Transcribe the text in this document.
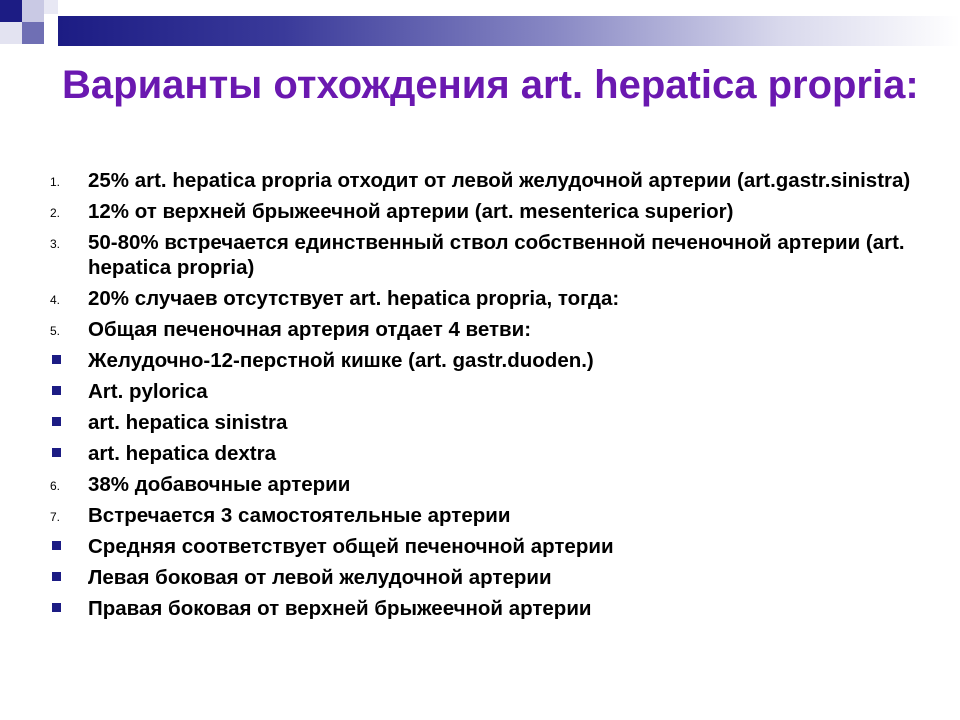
Варианты отхождения art. hepatica propria:
1.	25% art. hepatica propria отходит от левой желудочной артерии (art.gastr.sinistra)
2.	12% от верхней брыжеечной артерии (art. mesenterica superior)
3.	50-80% встречается единственный ствол собственной печеночной артерии (art. hepatica propria)
4.	20% случаев отсутствует art. hepatica propria, тогда:
5.	Общая печеночная артерия отдает 4 ветви:
Желудочно-12-перстной кишке (art. gastr.duoden.)
Art. pylorica
art. hepatica sinistra
art. hepatica dextra
6.	38% добавочные артерии
7.	Встречается 3 самостоятельные артерии
Средняя соответствует общей печеночной артерии
Левая боковая от левой желудочной артерии
Правая боковая от верхней брыжеечной артерии
